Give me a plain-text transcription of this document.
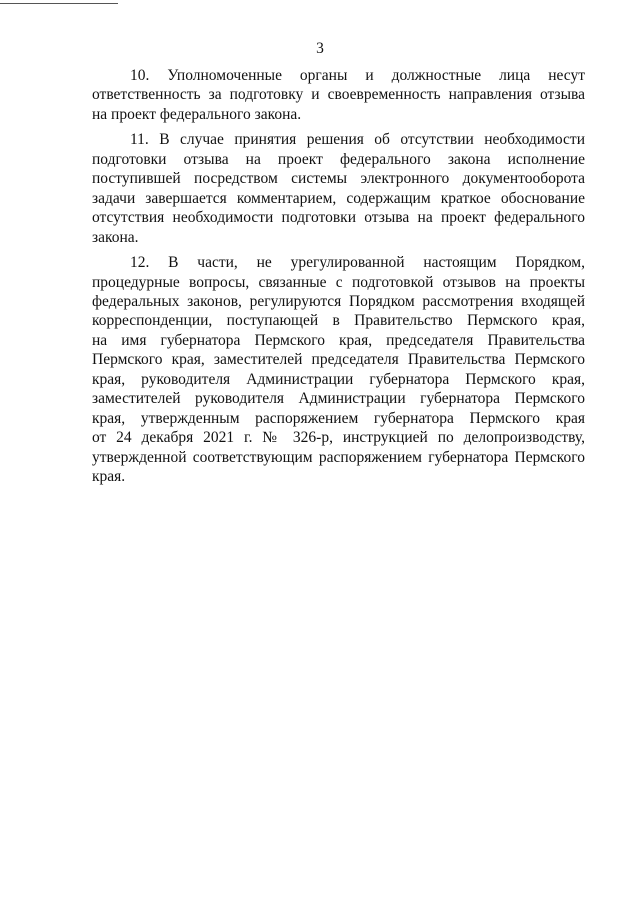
3
10. Уполномоченные органы и должностные лица несут
ответственность за подготовку и своевременность направления отзыва
на проект федерального закона.
11. В случае принятия решения об отсутствии необходимости
подготовки отзыва на проект федерального закона исполнение
поступившей посредством системы электронного документооборота
задачи завершается комментарием, содержащим краткое обоснование
отсутствия необходимости подготовки отзыва на проект федерального
закона.
12. В части, не урегулированной настоящим Порядком,
процедурные вопросы, связанные с подготовкой отзывов на проекты
федеральных законов, регулируются Порядком рассмотрения входящей
корреспонденции, поступающей в Правительство Пермского края,
на имя губернатора Пермского края, председателя Правительства
Пермского края, заместителей председателя Правительства Пермского
края, руководителя Администрации губернатора Пермского края,
заместителей руководителя Администрации губернатора Пермского
края, утвержденным распоряжением губернатора Пермского края
от 24 декабря 2021 г. № 326-р, инструкцией по делопроизводству,
утвержденной соответствующим распоряжением губернатора Пермского
края.
